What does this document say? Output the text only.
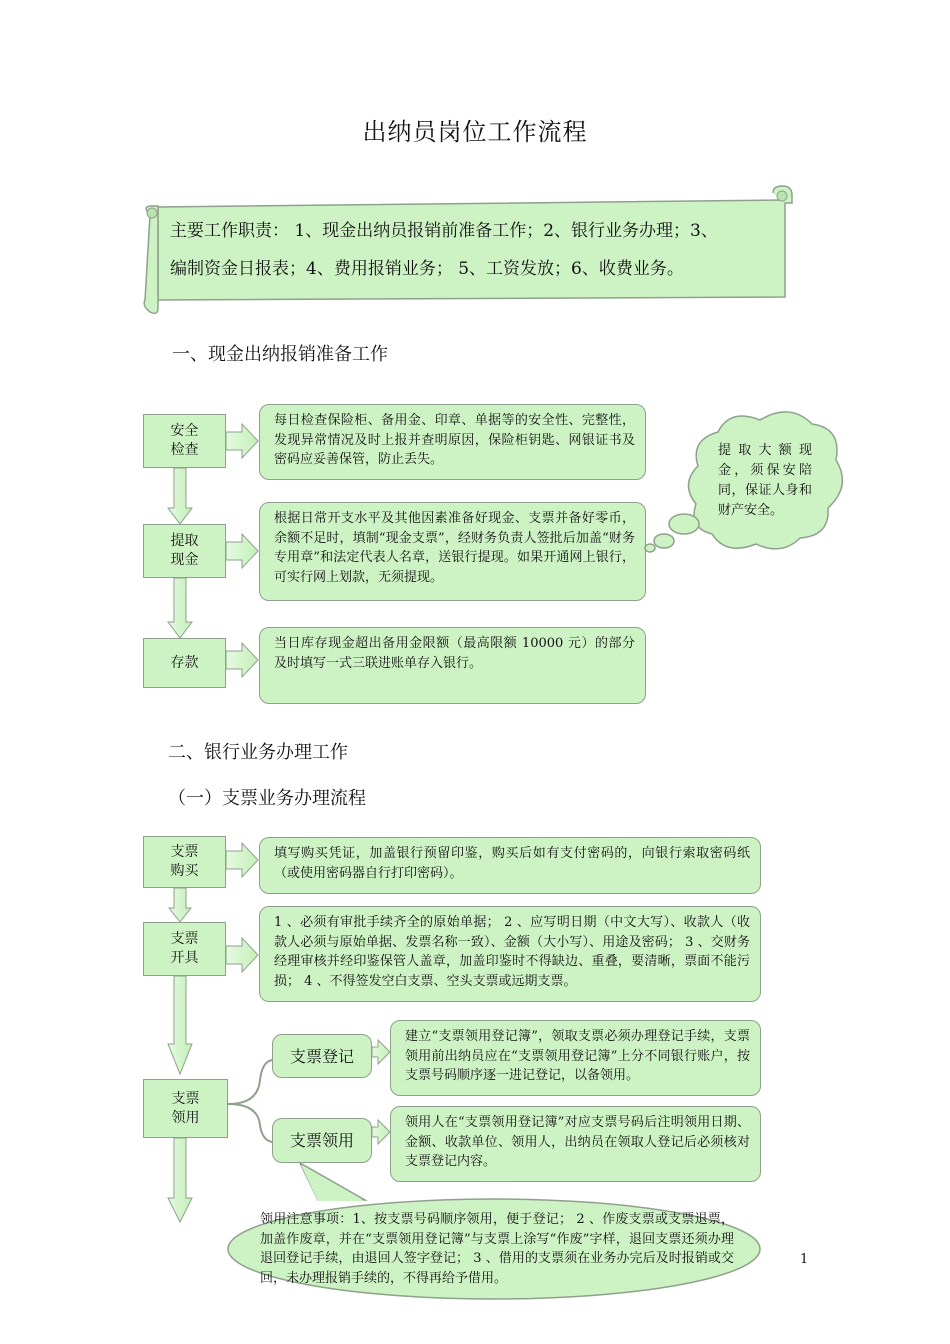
出纳员岗位工作流程
主要工作职责： 1、现金出纳员报销前准备工作；2、银行业务办理；3、
编制资金日报表；4、费用报销业务； 5、工资发放；6、收费业务。
一、现金出纳报销准备工作
安全
检查
每日检查保险柜、备用金、印章、单据等的安全性、完整性，发现异常情况及时上报并查明原因，保险柜钥匙、网银证书及密码应妥善保管，防止丢失。
提取
现金
根据日常开支水平及其他因素准备好现金、支票并备好零币，余额不足时，填制“现金支票”，经财务负责人签批后加盖“财务专用章”和法定代表人名章，送银行提现。如果开通网上银行，可实行网上划款，无须提现。
存款
当日库存现金超出备用金限额（最高限额 10000 元）的部分及时填写一式三联进账单存入银行。
提 取 大 额 现 金，须保安陪同，保证人身和财产安全。
二、银行业务办理工作
（一）支票业务办理流程
支票
购买
填写购买凭证，加盖银行预留印鉴，购买后如有支付密码的，向银行索取密码纸（或使用密码器自行打印密码）。
支票
开具
1 、必须有审批手续齐全的原始单据； 2 、应写明日期（中文大写）、收款人（收款人必须与原始单据、发票名称一致）、金额（大小写）、用途及密码； 3 、交财务经理审核并经印鉴保管人盖章，加盖印鉴时不得缺边、重叠，要清晰，票面不能污损； 4 、不得签发空白支票、空头支票或远期支票。
支票
领用
支票登记
建立“支票领用登记簿”，领取支票必须办理登记手续，支票领用前出纳员应在“支票领用登记簿”上分不同银行账户，按支票号码顺序逐一进记登记，以备领用。
支票领用
领用人在“支票领用登记簿”对应支票号码后注明领用日期、金额、收款单位、领用人，出纳员在领取人登记后必须核对支票登记内容。
领用注意事项：1、按支票号码顺序领用，便于登记； 2 、作废支票或支票退票，加盖作废章，并在“支票领用登记簿”与支票上涂写“作废”字样，退回支票还须办理退回登记手续，由退回人签字登记； 3 、借用的支票须在业务办完后及时报销或交回，未办理报销手续的，不得再给予借用。
1
